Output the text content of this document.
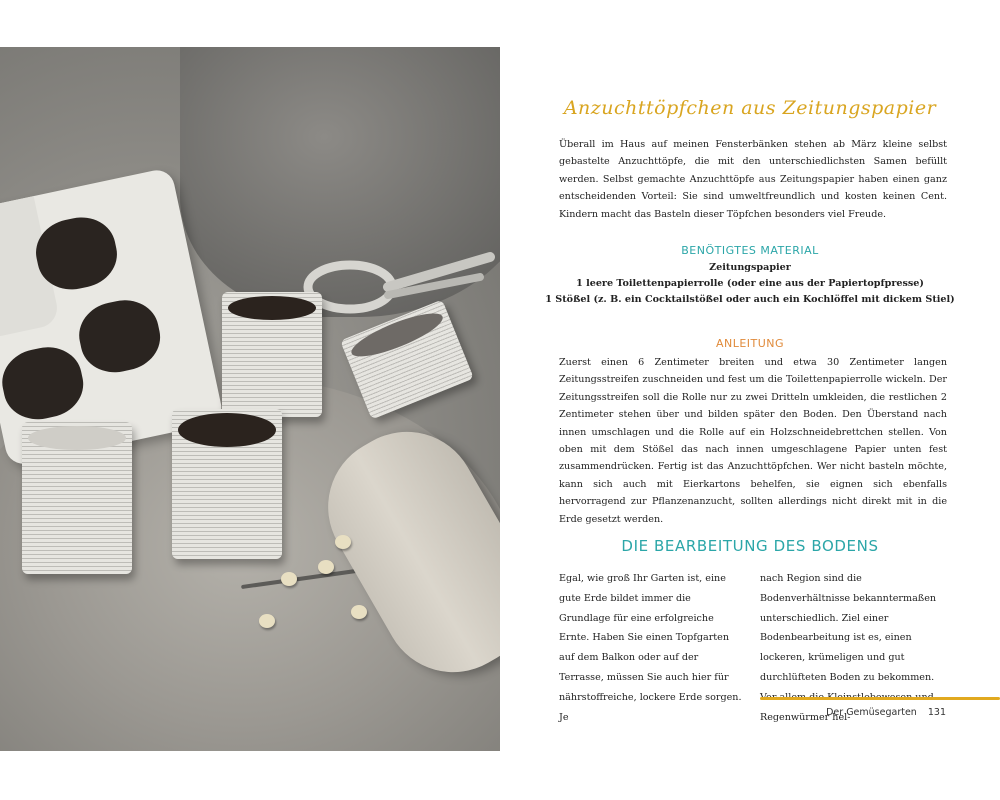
Anzuchttöpfchen aus Zeitungspapier
Überall im Haus auf meinen Fensterbänken stehen ab März kleine selbst gebastelte Anzuchttöpfe, die mit den unterschiedlichsten Samen befüllt werden. Selbst gemachte Anzuchttöpfe aus Zeitungspapier haben einen ganz entscheidenden Vorteil: Sie sind umweltfreundlich und kosten keinen Cent. Kindern macht das Basteln dieser Töpfchen besonders viel Freude.
BENÖTIGTES MATERIAL
Zeitungspapier
1 leere Toilettenpapierrolle (oder eine aus der Papiertopfpresse)
1 Stößel (z. B. ein Cocktailstößel oder auch ein Kochlöffel mit dickem Stiel)
ANLEITUNG
Zuerst einen 6 Zentimeter breiten und etwa 30 Zentimeter langen Zeitungsstreifen zuschneiden und fest um die Toilettenpapierrolle wickeln. Der Zeitungsstreifen soll die Rolle nur zu zwei Dritteln umkleiden, die restlichen 2 Zentimeter stehen über und bilden später den Boden. Den Überstand nach innen umschlagen und die Rolle auf ein Holzschneidebrettchen stellen. Von oben mit dem Stößel das nach innen umgeschlagene Papier unten fest zusammendrücken. Fertig ist das Anzuchttöpfchen. Wer nicht basteln möchte, kann sich auch mit Eierkartons behelfen, sie eignen sich ebenfalls hervorragend zur Pflanzenanzucht, sollten allerdings nicht direkt mit in die Erde gesetzt werden.
DIE BEARBEITUNG DES BODENS
Egal, wie groß Ihr Garten ist, eine gute Erde bildet immer die Grundlage für eine erfolgreiche Ernte. Haben Sie einen Topfgarten auf dem Balkon oder auf der Terrasse, müssen Sie auch hier für nährstoffreiche, lockere Erde sorgen. Je
nach Region sind die Bodenverhältnisse bekanntermaßen unterschiedlich. Ziel einer Bodenbearbeitung ist es, einen lockeren, krümeligen und gut durchlüfteten Boden zu bekommen. Regenwürmer hel-
Der Gemüsegarten 131
